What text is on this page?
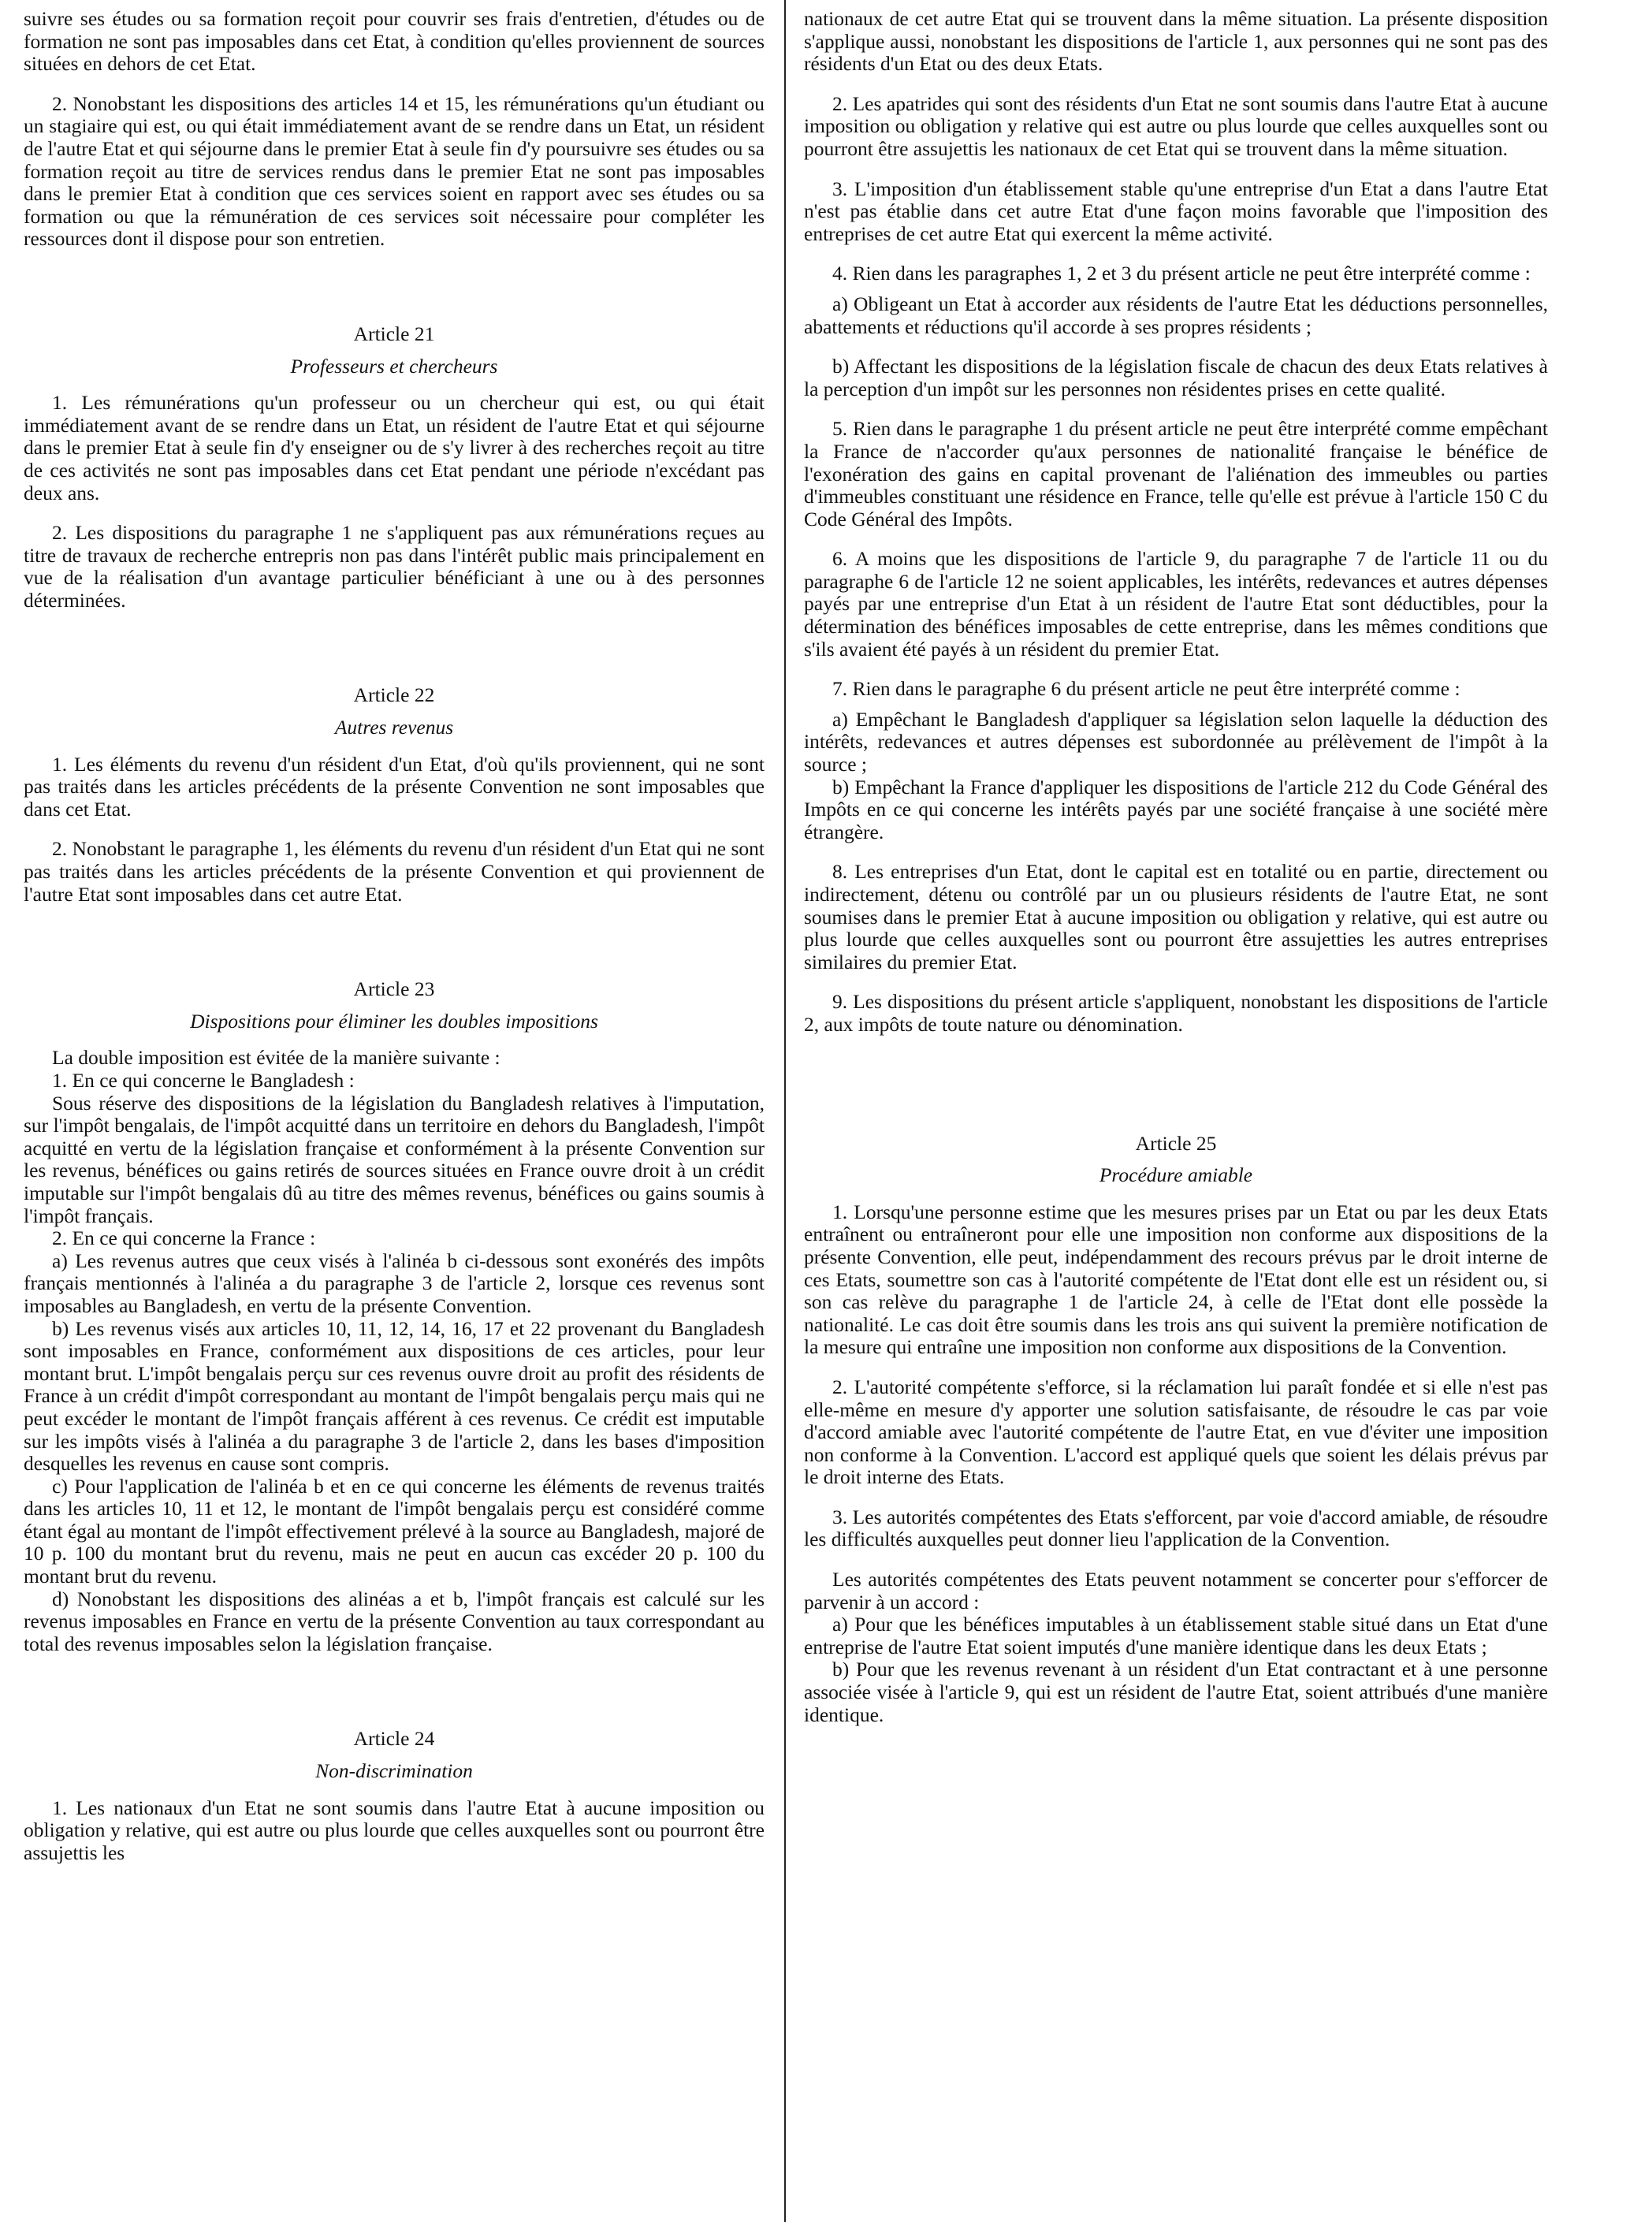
suivre ses études ou sa formation reçoit pour couvrir ses frais d'entretien, d'études ou de formation ne sont pas imposables dans cet Etat, à condition qu'elles proviennent de sources situées en dehors de cet Etat.

2. Nonobstant les dispositions des articles 14 et 15, les rémunérations qu'un étudiant ou un stagiaire qui est, ou qui était immédiatement avant de se rendre dans un Etat, un résident de l'autre Etat et qui séjourne dans le premier Etat à seule fin d'y poursuivre ses études ou sa formation reçoit au titre de services rendus dans le premier Etat ne sont pas imposables dans le premier Etat à condition que ces services soient en rapport avec ses études ou sa formation ou que la rémunération de ces services soit nécessaire pour compléter les ressources dont il dispose pour son entretien.

Article 21
Professeurs et chercheurs

1. Les rémunérations qu'un professeur ou un chercheur qui est, ou qui était immédiatement avant de se rendre dans un Etat, un résident de l'autre Etat et qui séjourne dans le premier Etat à seule fin d'y enseigner ou de s'y livrer à des recherches reçoit au titre de ces activités ne sont pas imposables dans cet Etat pendant une période n'excédant pas deux ans.

2. Les dispositions du paragraphe 1 ne s'appliquent pas aux rémunérations reçues au titre de travaux de recherche entrepris non pas dans l'intérêt public mais principalement en vue de la réalisation d'un avantage particulier bénéficiant à une ou à des personnes déterminées.

Article 22
Autres revenus

1. Les éléments du revenu d'un résident d'un Etat, d'où qu'ils proviennent, qui ne sont pas traités dans les articles précédents de la présente Convention ne sont imposables que dans cet Etat.

2. Nonobstant le paragraphe 1, les éléments du revenu d'un résident d'un Etat qui ne sont pas traités dans les articles précédents de la présente Convention et qui proviennent de l'autre Etat sont imposables dans cet autre Etat.

Article 23
Dispositions pour éliminer les doubles impositions

La double imposition est évitée de la manière suivante :

1. En ce qui concerne le Bangladesh :

Sous réserve des dispositions de la législation du Bangladesh relatives à l'imputation, sur l'impôt bengalais, de l'impôt acquitté dans un territoire en dehors du Bangladesh, l'impôt acquitté en vertu de la législation française et conformément à la présente Convention sur les revenus, bénéfices ou gains retirés de sources situées en France ouvre droit à un crédit imputable sur l'impôt bengalais dû au titre des mêmes revenus, bénéfices ou gains soumis à l'impôt français.

2. En ce qui concerne la France :

a) Les revenus autres que ceux visés à l'alinéa b ci-dessous sont exonérés des impôts français mentionnés à l'alinéa a du paragraphe 3 de l'article 2, lorsque ces revenus sont imposables au Bangladesh, en vertu de la présente Convention.

b) Les revenus visés aux articles 10, 11, 12, 14, 16, 17 et 22 provenant du Bangladesh sont imposables en France, conformément aux dispositions de ces articles, pour leur montant brut. L'impôt bengalais perçu sur ces revenus ouvre droit au profit des résidents de France à un crédit d'impôt correspondant au montant de l'impôt bengalais perçu mais qui ne peut excéder le montant de l'impôt français afférent à ces revenus. Ce crédit est imputable sur les impôts visés à l'alinéa a du paragraphe 3 de l'article 2, dans les bases d'imposition desquelles les revenus en cause sont compris.

c) Pour l'application de l'alinéa b et en ce qui concerne les éléments de revenus traités dans les articles 10, 11 et 12, le montant de l'impôt bengalais perçu est considéré comme étant égal au montant de l'impôt effectivement prélevé à la source au Bangladesh, majoré de 10 p. 100 du montant brut du revenu, mais ne peut en aucun cas excéder 20 p. 100 du montant brut du revenu.

d) Nonobstant les dispositions des alinéas a et b, l'impôt français est calculé sur les revenus imposables en France en vertu de la présente Convention au taux correspondant au total des revenus imposables selon la législation française.

Article 24
Non-discrimination

1. Les nationaux d'un Etat ne sont soumis dans l'autre Etat à aucune imposition ou obligation y relative, qui est autre ou plus lourde que celles auxquelles sont ou pourront être assujettis les

nationaux de cet autre Etat qui se trouvent dans la même situation. La présente disposition s'applique aussi, nonobstant les dispositions de l'article 1, aux personnes qui ne sont pas des résidents d'un Etat ou des deux Etats.

2. Les apatrides qui sont des résidents d'un Etat ne sont soumis dans l'autre Etat à aucune imposition ou obligation y relative qui est autre ou plus lourde que celles auxquelles sont ou pourront être assujettis les nationaux de cet Etat qui se trouvent dans la même situation.

3. L'imposition d'un établissement stable qu'une entreprise d'un Etat a dans l'autre Etat n'est pas établie dans cet autre Etat d'une façon moins favorable que l'imposition des entreprises de cet autre Etat qui exercent la même activité.

4. Rien dans les paragraphes 1, 2 et 3 du présent article ne peut être interprété comme :

a) Obligeant un Etat à accorder aux résidents de l'autre Etat les déductions personnelles, abattements et réductions qu'il accorde à ses propres résidents ;

b) Affectant les dispositions de la législation fiscale de chacun des deux Etats relatives à la perception d'un impôt sur les personnes non résidentes prises en cette qualité.

5. Rien dans le paragraphe 1 du présent article ne peut être interprété comme empêchant la France de n'accorder qu'aux personnes de nationalité française le bénéfice de l'exonération des gains en capital provenant de l'aliénation des immeubles ou parties d'immeubles constituant une résidence en France, telle qu'elle est prévue à l'article 150 C du Code Général des Impôts.

6. A moins que les dispositions de l'article 9, du paragraphe 7 de l'article 11 ou du paragraphe 6 de l'article 12 ne soient applicables, les intérêts, redevances et autres dépenses payés par une entreprise d'un Etat à un résident de l'autre Etat sont déductibles, pour la détermination des bénéfices imposables de cette entreprise, dans les mêmes conditions que s'ils avaient été payés à un résident du premier Etat.

7. Rien dans le paragraphe 6 du présent article ne peut être interprété comme :

a) Empêchant le Bangladesh d'appliquer sa législation selon laquelle la déduction des intérêts, redevances et autres dépenses est subordonnée au prélèvement de l'impôt à la source ;

b) Empêchant la France d'appliquer les dispositions de l'article 212 du Code Général des Impôts en ce qui concerne les intérêts payés par une société française à une société mère étrangère.

8. Les entreprises d'un Etat, dont le capital est en totalité ou en partie, directement ou indirectement, détenu ou contrôlé par un ou plusieurs résidents de l'autre Etat, ne sont soumises dans le premier Etat à aucune imposition ou obligation y relative, qui est autre ou plus lourde que celles auxquelles sont ou pourront être assujetties les autres entreprises similaires du premier Etat.

9. Les dispositions du présent article s'appliquent, nonobstant les dispositions de l'article 2, aux impôts de toute nature ou dénomination.

Article 25
Procédure amiable

1. Lorsqu'une personne estime que les mesures prises par un Etat ou par les deux Etats entraînent ou entraîneront pour elle une imposition non conforme aux dispositions de la présente Convention, elle peut, indépendamment des recours prévus par le droit interne de ces Etats, soumettre son cas à l'autorité compétente de l'Etat dont elle est un résident ou, si son cas relève du paragraphe 1 de l'article 24, à celle de l'Etat dont elle possède la nationalité. Le cas doit être soumis dans les trois ans qui suivent la première notification de la mesure qui entraîne une imposition non conforme aux dispositions de la Convention.

2. L'autorité compétente s'efforce, si la réclamation lui paraît fondée et si elle n'est pas elle-même en mesure d'y apporter une solution satisfaisante, de résoudre le cas par voie d'accord amiable avec l'autorité compétente de l'autre Etat, en vue d'éviter une imposition non conforme à la Convention. L'accord est appliqué quels que soient les délais prévus par le droit interne des Etats.

3. Les autorités compétentes des Etats s'efforcent, par voie d'accord amiable, de résoudre les difficultés auxquelles peut donner lieu l'application de la Convention.

Les autorités compétentes des Etats peuvent notamment se concerter pour s'efforcer de parvenir à un accord :

a) Pour que les bénéfices imputables à un établissement stable situé dans un Etat d'une entreprise de l'autre Etat soient imputés d'une manière identique dans les deux Etats ;

b) Pour que les revenus revenant à un résident d'un Etat contractant et à une personne associée visée à l'article 9, qui est un résident de l'autre Etat, soient attribués d'une manière identique.
